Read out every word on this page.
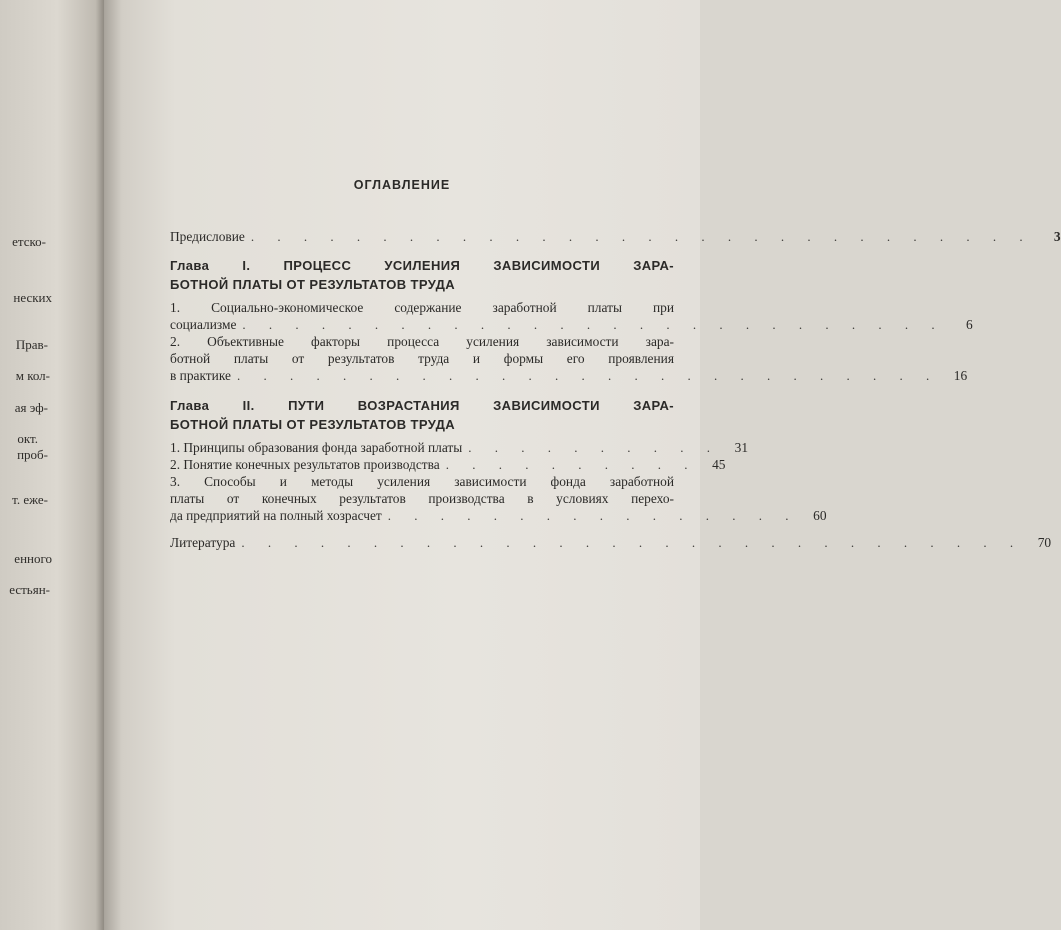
етско-
неских
Прав-
м кол-
ая эф-
окт.
проб-
т. еже-
енного
естьян-
ОГЛАВЛЕНИЕ
Предисловие . . . . . . . . . . . . . . . . . . . . . . . . . . . . . .	3
Глава I. ПРОЦЕСС УСИЛЕНИЯ ЗАВИСИМОСТИ ЗАРА-
БОТНОЙ ПЛАТЫ ОТ РЕЗУЛЬТАТОВ ТРУДА
1. Социально-экономическое содержание заработной платы при
социализме . . . . . . . . . . . . . . . . . . . . . . . . . . .	6
2. Объективные факторы процесса усиления зависимости зара-
ботной платы от результатов труда и формы его проявления
в практике . . . . . . . . . . . . . . . . . . . . . . . . . . .	16
Глава II. ПУТИ ВОЗРАСТАНИЯ ЗАВИСИМОСТИ ЗАРА-
БОТНОЙ ПЛАТЫ ОТ РЕЗУЛЬТАТОВ ТРУДА
1. Принципы образования фонда заработной платы . . . . . . . . . .	31
2. Понятие конечных результатов производства . . . . . . . . . .	45
3. Способы и методы усиления зависимости фонда заработной
платы от конечных результатов производства в условиях перехо-
да предприятий на полный хозрасчет . . . . . . . . . . . . . . . .	60
Литература . . . . . . . . . . . . . . . . . . . . . . . . . . . . . .	70
